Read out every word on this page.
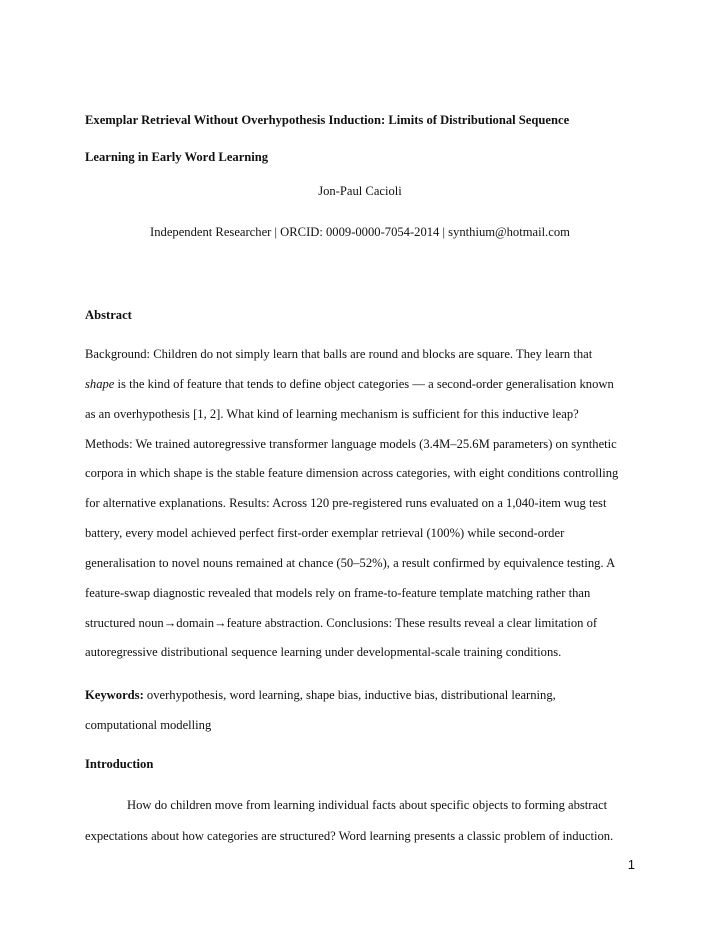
Exemplar Retrieval Without Overhypothesis Induction: Limits of Distributional Sequence
Learning in Early Word Learning
Jon-Paul Cacioli
Independent Researcher | ORCID: 0009-0000-7054-2014 | synthium@hotmail.com
Abstract
Background: Children do not simply learn that balls are round and blocks are square. They learn that
shape is the kind of feature that tends to define object categories — a second-order generalisation known
as an overhypothesis [1, 2]. What kind of learning mechanism is sufficient for this inductive leap?
Methods: We trained autoregressive transformer language models (3.4M–25.6M parameters) on synthetic
corpora in which shape is the stable feature dimension across categories, with eight conditions controlling
for alternative explanations. Results: Across 120 pre-registered runs evaluated on a 1,040-item wug test
battery, every model achieved perfect first-order exemplar retrieval (100%) while second-order
generalisation to novel nouns remained at chance (50–52%), a result confirmed by equivalence testing. A
feature-swap diagnostic revealed that models rely on frame-to-feature template matching rather than
structured noun→domain→feature abstraction. Conclusions: These results reveal a clear limitation of
autoregressive distributional sequence learning under developmental-scale training conditions.
Keywords: overhypothesis, word learning, shape bias, inductive bias, distributional learning,
computational modelling
Introduction
How do children move from learning individual facts about specific objects to forming abstract
expectations about how categories are structured? Word learning presents a classic problem of induction.
1
